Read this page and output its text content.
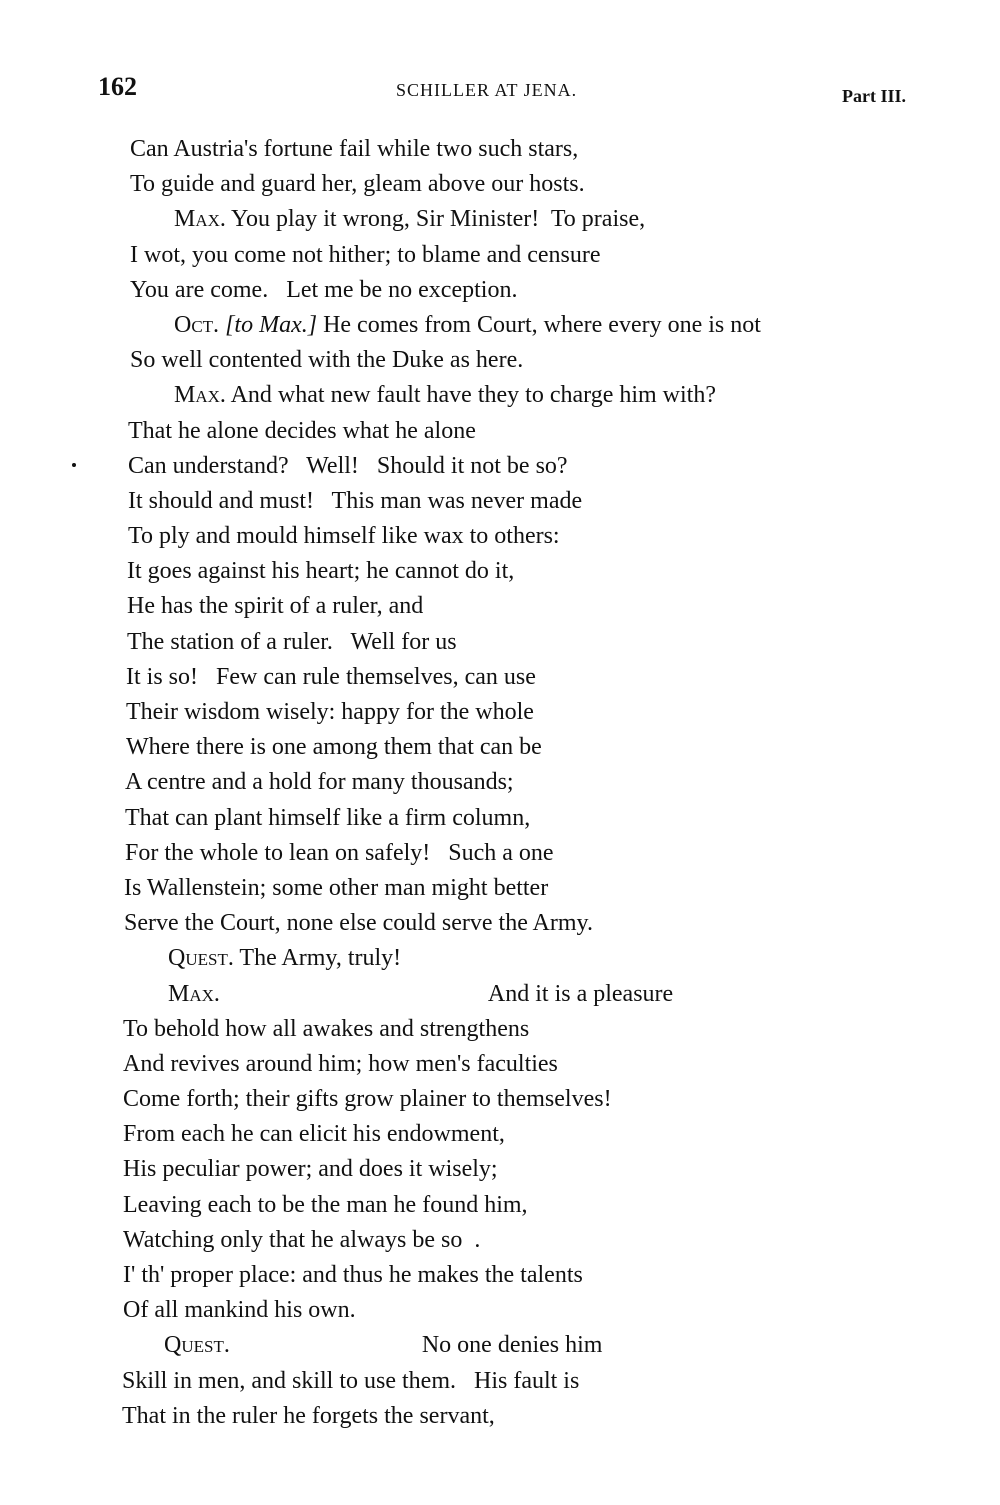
162	SCHILLER AT JENA.	Part III.
Can Austria's fortune fail while two such stars,
To guide and guard her, gleam above our hosts.
Max. You play it wrong, Sir Minister!  To praise,
I wot, you come not hither; to blame and censure
You are come.   Let me be no exception.
Oct. [to Max.] He comes from Court, where every one is not
So well contented with the Duke as here.
Max. And what new fault have they to charge him with?
That he alone decides what he alone
Can understand?   Well!   Should it not be so?
It should and must!   This man was never made
To ply and mould himself like wax to others:
It goes against his heart; he cannot do it,
He has the spirit of a ruler, and
The station of a ruler.   Well for us
It is so!   Few can rule themselves, can use
Their wisdom wisely: happy for the whole
Where there is one among them that can be
A centre and a hold for many thousands;
That can plant himself like a firm column,
For the whole to lean on safely!   Such a one
Is Wallenstein; some other man might better
Serve the Court, none else could serve the Army.
Quest. The Army, truly!
Max.	And it is a pleasure
To behold how all awakes and strengthens
And revives around him; how men's faculties
Come forth; their gifts grow plainer to themselves!
From each he can elicit his endowment,
His peculiar power; and does it wisely;
Leaving each to be the man he found him,
Watching only that he always be so  .
I' th' proper place: and thus he makes the talents
Of all mankind his own.
Quest.	No one denies him
Skill in men, and skill to use them.   His fault is
That in the ruler he forgets the servant,
